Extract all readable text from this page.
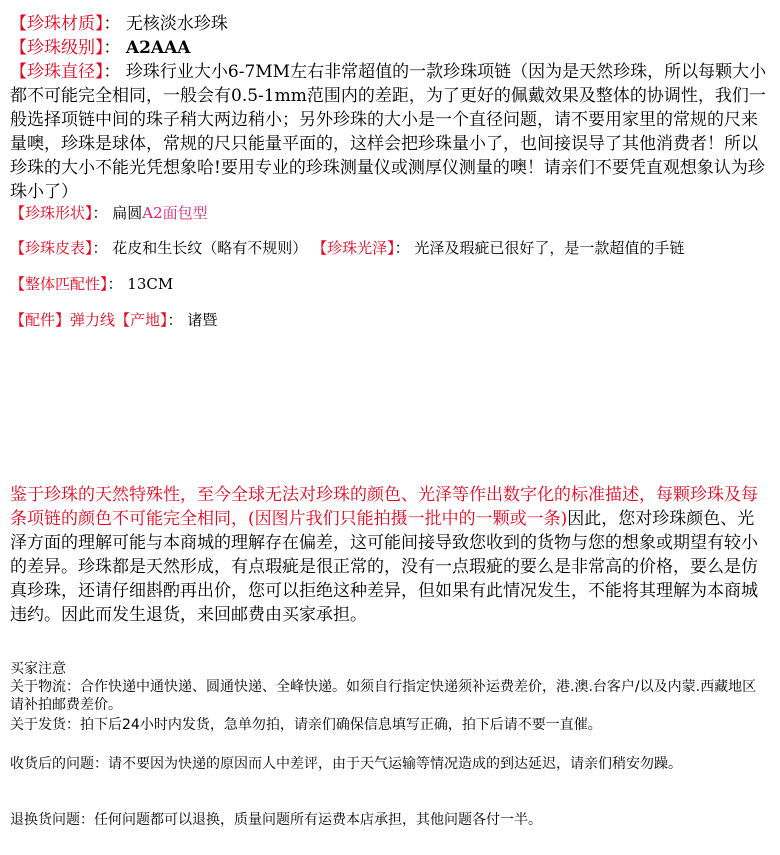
【珍珠材质】： 无核淡水珍珠
【珍珠级别】： A2AAA
【珍珠直径】： 珍珠行业大小6-7MM左右非常超值的一款珍珠项链（因为是天然珍珠，所以每颗大小都不可能完全相同，一般会有0.5-1mm范围内的差距，为了更好的佩戴效果及整体的协调性，我们一般选择项链中间的珠子稍大两边稍小；另外珍珠的大小是一个直径问题，请不要用家里的常规的尺来量噢，珍珠是球体，常规的尺只能量平面的，这样会把珍珠量小了，也间接误导了其他消费者！所以珍珠的大小不能光凭想象哈!要用专业的珍珠测量仪或测厚仪测量的噢！请亲们不要凭直观想象认为珍珠小了）
【珍珠形状】： 扁圆A2面包型
【珍珠皮表】： 花皮和生长纹（略有不规则） 【珍珠光泽】： 光泽及瑕疵已很好了，是一款超值的手链
【整体匹配性】： 13CM
【配件】弹力线【产地】： 诸暨
鉴于珍珠的天然特殊性，至今全球无法对珍珠的颜色、光泽等作出数字化的标准描述，每颗珍珠及每条项链的颜色不可能完全相同，(因图片我们只能拍摄一批中的一颗或一条)因此，您对珍珠颜色、光泽方面的理解可能与本商城的理解存在偏差，这可能间接导致您收到的货物与您的想象或期望有较小的差异。珍珠都是天然形成，有点瑕疵是很正常的，没有一点瑕疵的要么是非常高的价格，要么是仿真珍珠，还请仔细斟酌再出价，您可以拒绝这种差异，但如果有此情况发生，不能将其理解为本商城违约。因此而发生退货，来回邮费由买家承担。
买家注意
关于物流：合作快递中通快递、圆通快递、全峰快递。如须自行指定快递须补运费差价，港.澳.台客户/以及内蒙.西藏地区请补拍邮费差价。
关于发货：拍下后24小时内发货，急单勿拍，请亲们确保信息填写正确，拍下后请不要一直催。
收货后的问题：请不要因为快递的原因而人中差评，由于天气运输等情况造成的到达延迟，请亲们稍安勿躁。
退换货问题：任何问题都可以退换，质量问题所有运费本店承担，其他问题各付一半。
